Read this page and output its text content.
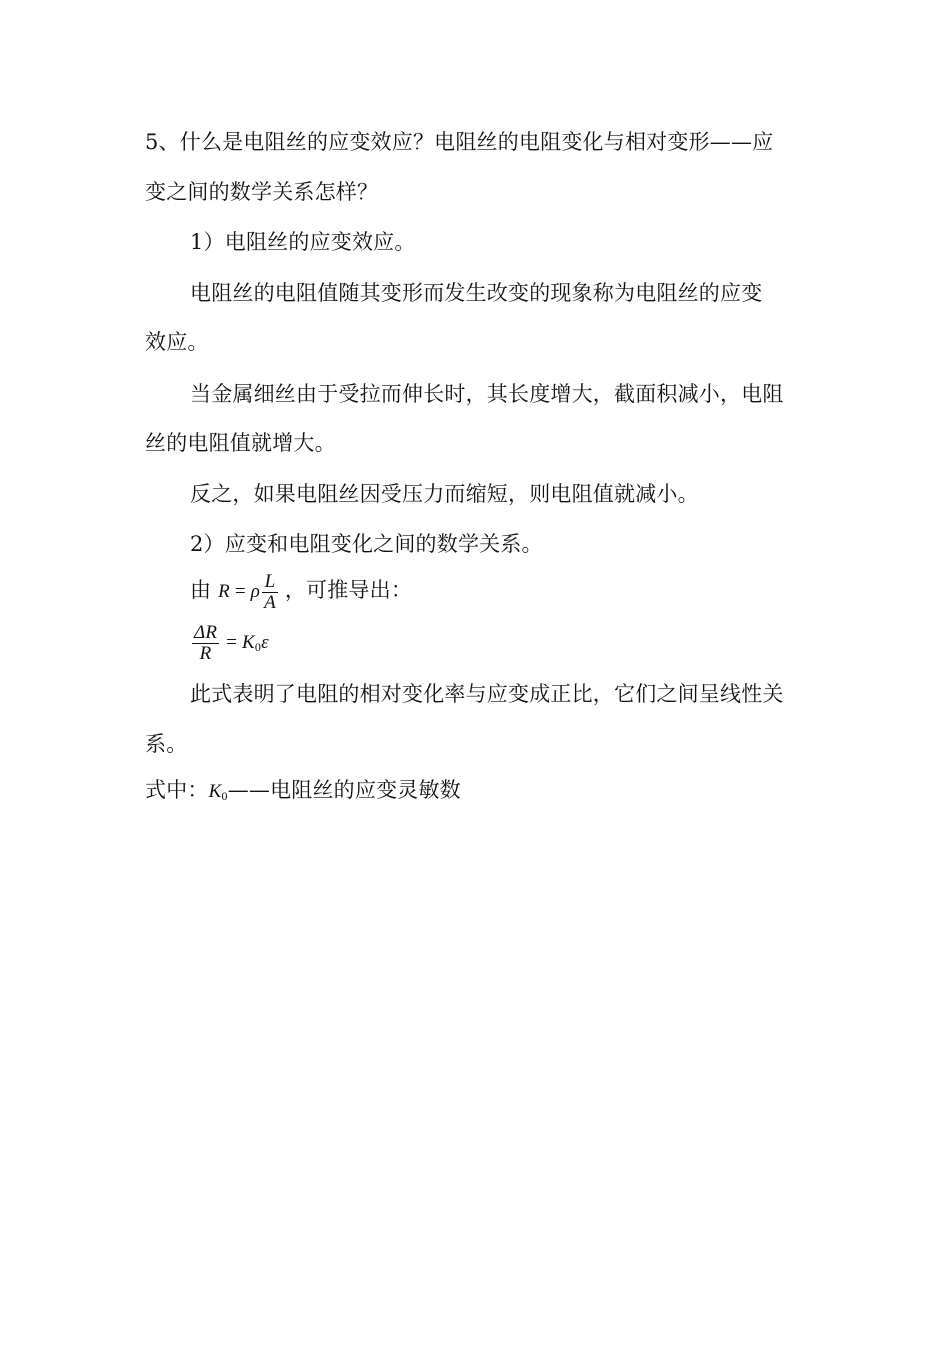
5、什么是电阻丝的应变效应？电阻丝的电阻变化与相对变形——应
变之间的数学关系怎样？
1）电阻丝的应变效应。
电阻丝的电阻值随其变形而发生改变的现象称为电阻丝的应变
效应。
当金属细丝由于受拉而伸长时，其长度增大，截面积减小，电阻
丝的电阻值就增大。
反之，如果电阻丝因受压力而缩短，则电阻值就减小。
2）应变和电阻变化之间的数学关系。
由 R = ρ $\frac{L}{A}$ ，可推导出：
$\frac{\Delta R}{R} = K_0\varepsilon$
此式表明了电阻的相对变化率与应变成正比，它们之间呈线性关
系。
式中：$K_0——$电阻丝的应变灵敏数
